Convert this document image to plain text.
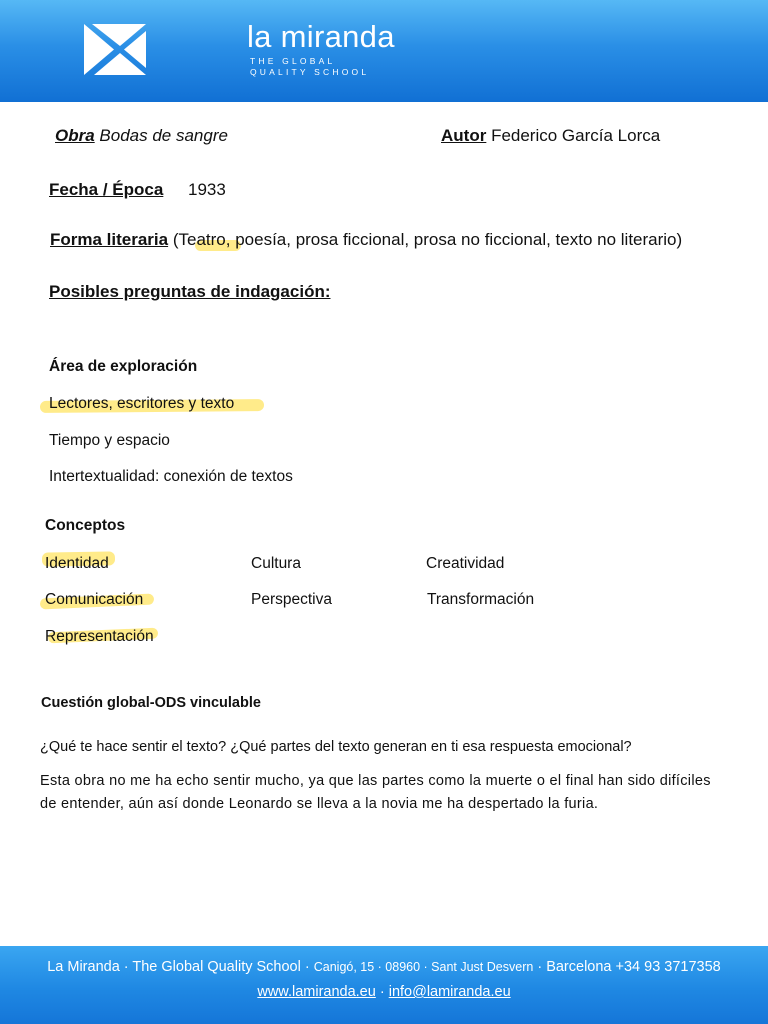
la miranda
THE GLOBAL
QUALITY SCHOOL
Obra Bodas de sangre	Autor Federico García Lorca
Fecha / Época 1933
Forma literaria (Teatro, poesía, prosa ficcional, prosa no ficcional, texto no literario)
Posibles preguntas de indagación:
Área de exploración
Lectores, escritores y texto
Tiempo y espacio
Intertextualidad: conexión de textos
Conceptos
Identidad	Cultura	Creatividad
Comunicación	Perspectiva	Transformación
Representación
Cuestión global-ODS vinculable
¿Qué te hace sentir el texto? ¿Qué partes del texto generan en ti esa respuesta emocional?
Esta obra no me ha echo sentir mucho, ya que las partes como la muerte o el final han sido difíciles de entender, aún así donde Leonardo se lleva a la novia me ha despertado la furia.
La Miranda · The Global Quality School · Canigó, 15 · 08960 · Sant Just Desvern · Barcelona +34 93 3717358
www.lamiranda.eu · info@lamiranda.eu
